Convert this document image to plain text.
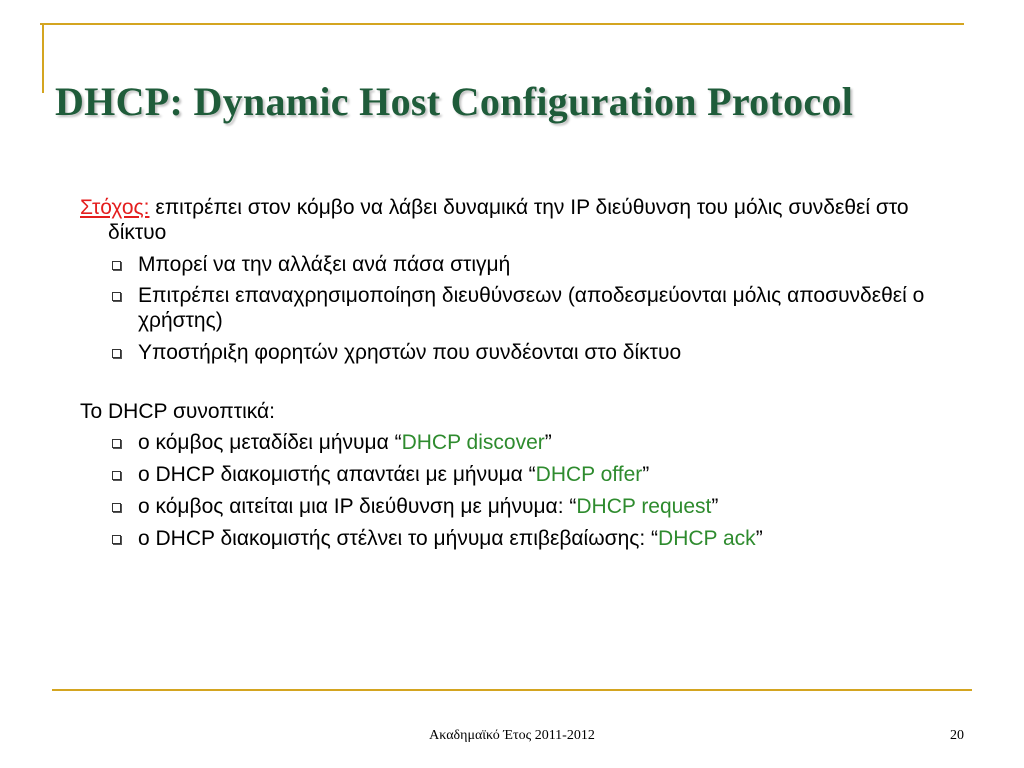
DHCP: Dynamic Host Configuration Protocol

Στόχος: επιτρέπει στον κόμβο να λάβει δυναμικά την IP διεύθυνση του μόλις συνδεθεί στο δίκτυο

Μπορεί να την αλλάξει ανά πάσα στιγμή
Επιτρέπει επαναχρησιμοποίηση διευθύνσεων (αποδεσμεύονται μόλις αποσυνδεθεί ο χρήστης)
Υποστήριξη φορητών χρηστών που συνδέονται στο δίκτυο

To DHCP συνοπτικά:

ο κόμβος μεταδίδει μήνυμα “DHCP discover”
ο DHCP διακομιστής απαντάει με μήνυμα “DHCP offer”
ο κόμβος αιτείται μια IP διεύθυνση με μήνυμα: “DHCP request”
ο DHCP διακομιστής στέλνει το μήνυμα επιβεβαίωσης: “DHCP ack”
Ακαδημαϊκό Έτος 2011-2012	20
